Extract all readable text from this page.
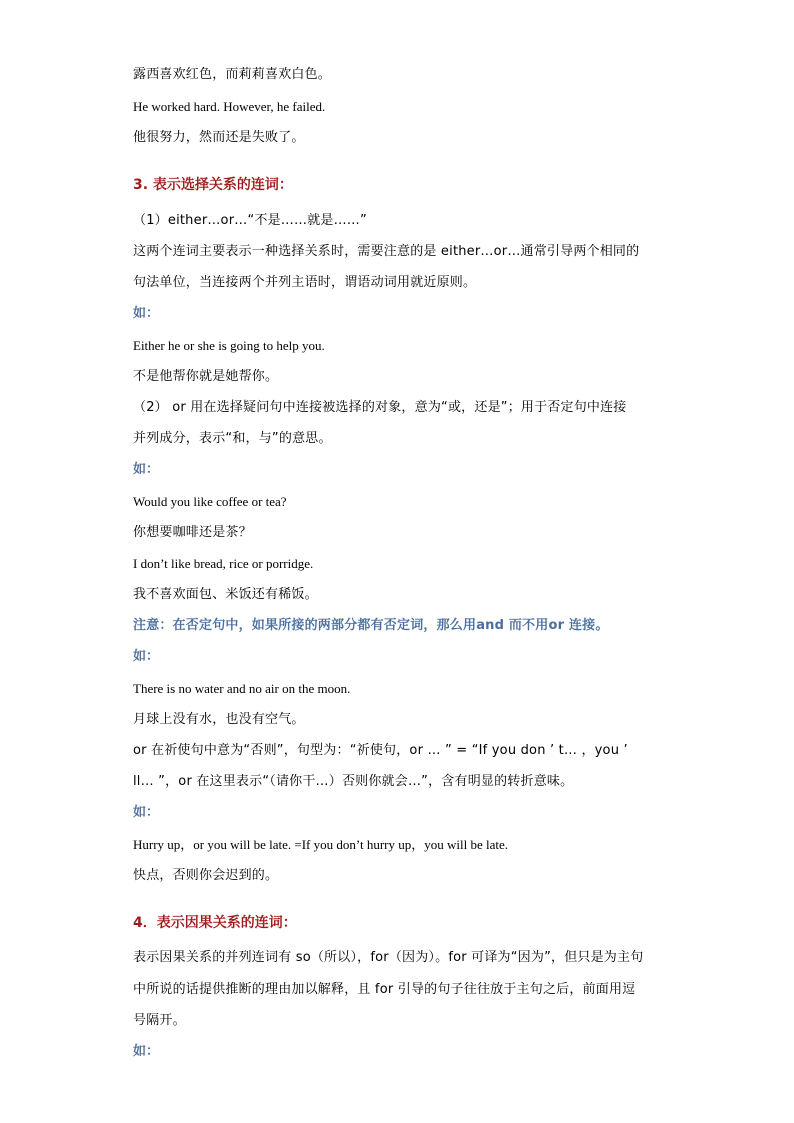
露西喜欢红色，而莉莉喜欢白色。
He worked hard. However, he failed.
他很努力，然而还是失败了。
3. 表示选择关系的连词：
（1）either…or…“不是……就是……”
这两个连词主要表示一种选择关系时，需要注意的是 either…or…通常引导两个相同的
句法单位，当连接两个并列主语时，谓语动词用就近原则。
如：
Either he or she is going to help you.
不是他帮你就是她帮你。
（2） or 用在选择疑问句中连接被选择的对象，意为“或，还是”；用于否定句中连接
并列成分，表示“和，与”的意思。
如：
Would you like coffee or tea?
你想要咖啡还是茶？
I don’t like bread, rice or porridge.
我不喜欢面包、米饭还有稀饭。
注意：在否定句中，如果所接的两部分都有否定词，那么用and 而不用or 连接。
如：
There is no water and no air on the moon.
月球上没有水，也没有空气。
or 在祈使句中意为“否则”，句型为：“祈使句，or … ” = “If you don ’ t… ，you ’
ll… ”，or 在这里表示“（请你干…）否则你就会…”，含有明显的转折意味。
如：
Hurry up，or you will be late. =If you don’t hurry up，you will be late.
快点，否则你会迟到的。
4．表示因果关系的连词：
表示因果关系的并列连词有 so（所以），for（因为）。for 可译为“因为”，但只是为主句
中所说的话提供推断的理由加以解释，且 for 引导的句子往往放于主句之后，前面用逗
号隔开。
如：
